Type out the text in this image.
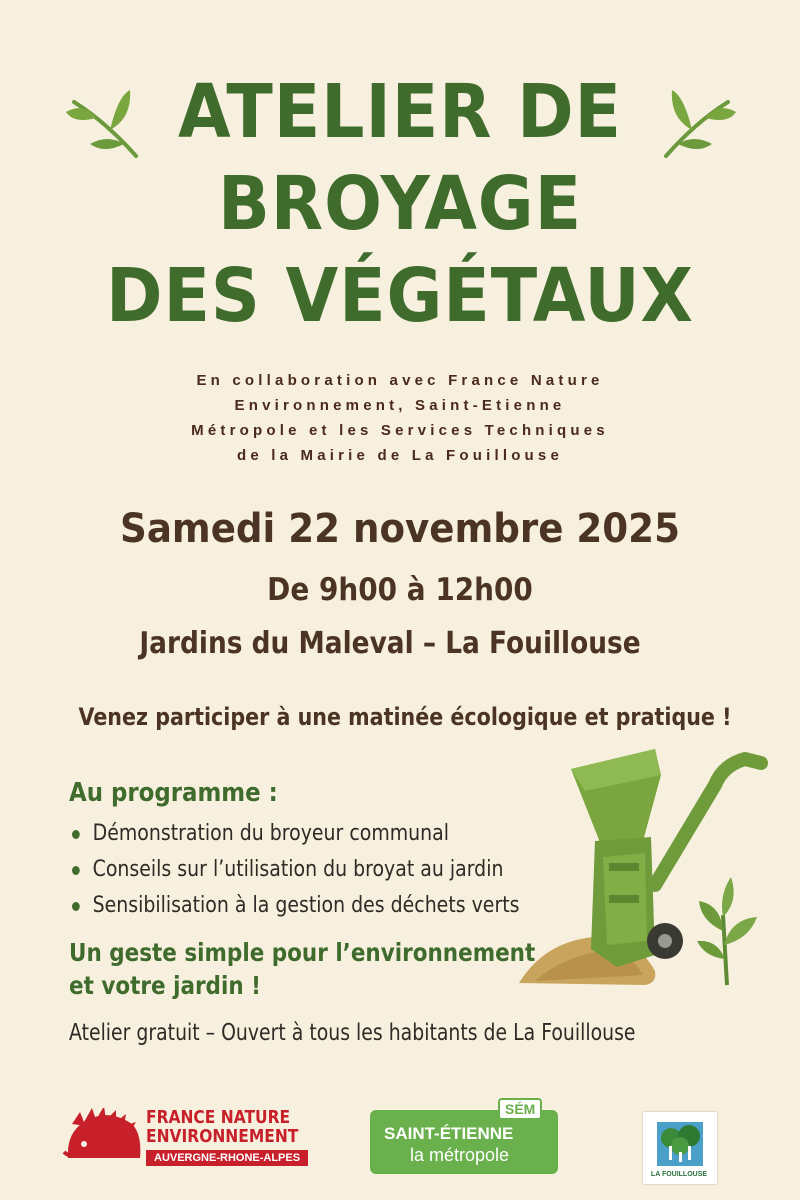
ATELIER DE
BROYAGE
DES VÉGÉTAUX
En collaboration avec France Nature
Environnement, Saint-Etienne
Métropole et les Services Techniques
de la Mairie de La Fouillouse
Samedi 22 novembre 2025
De 9h00 à 12h00
Jardins du Maleval – La Fouillouse
Venez participer à une matinée écologique et pratique !
Au programme :
Démonstration du broyeur communal
Conseils sur l’utilisation du broyat au jardin
Sensibilisation à la gestion des déchets verts
Un geste simple pour l’environnement
et votre jardin !
Atelier gratuit – Ouvert à tous les habitants de La Fouillouse
FRANCE NATURE
ENVIRONNEMENT
AUVERGNE-RHONE-ALPES
SÉM
SAINT-ÉTIENNE
la métropole
LA FOUILLOUSE
